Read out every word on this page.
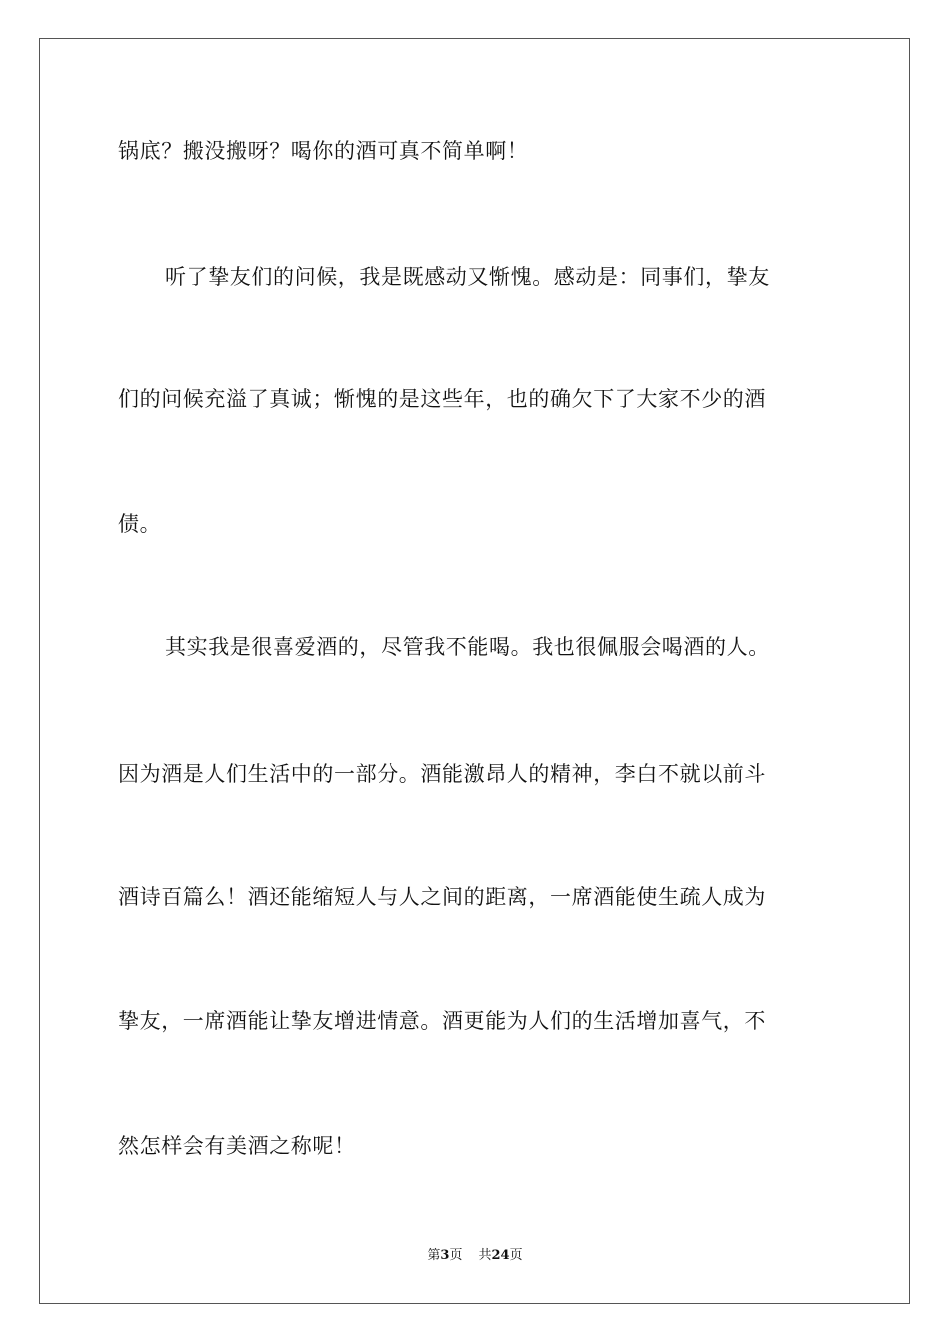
锅底？搬没搬呀？喝你的酒可真不简单啊！
听了挚友们的问候，我是既感动又惭愧。感动是：同事们，挚友
们的问候充溢了真诚；惭愧的是这些年，也的确欠下了大家不少的酒
债。
其实我是很喜爱酒的，尽管我不能喝。我也很佩服会喝酒的人。
因为酒是人们生活中的一部分。酒能激昂人的精神，李白不就以前斗
酒诗百篇么！酒还能缩短人与人之间的距离，一席酒能使生疏人成为
挚友，一席酒能让挚友增进情意。酒更能为人们的生活增加喜气，不
然怎样会有美酒之称呢！
第3页 共24页
